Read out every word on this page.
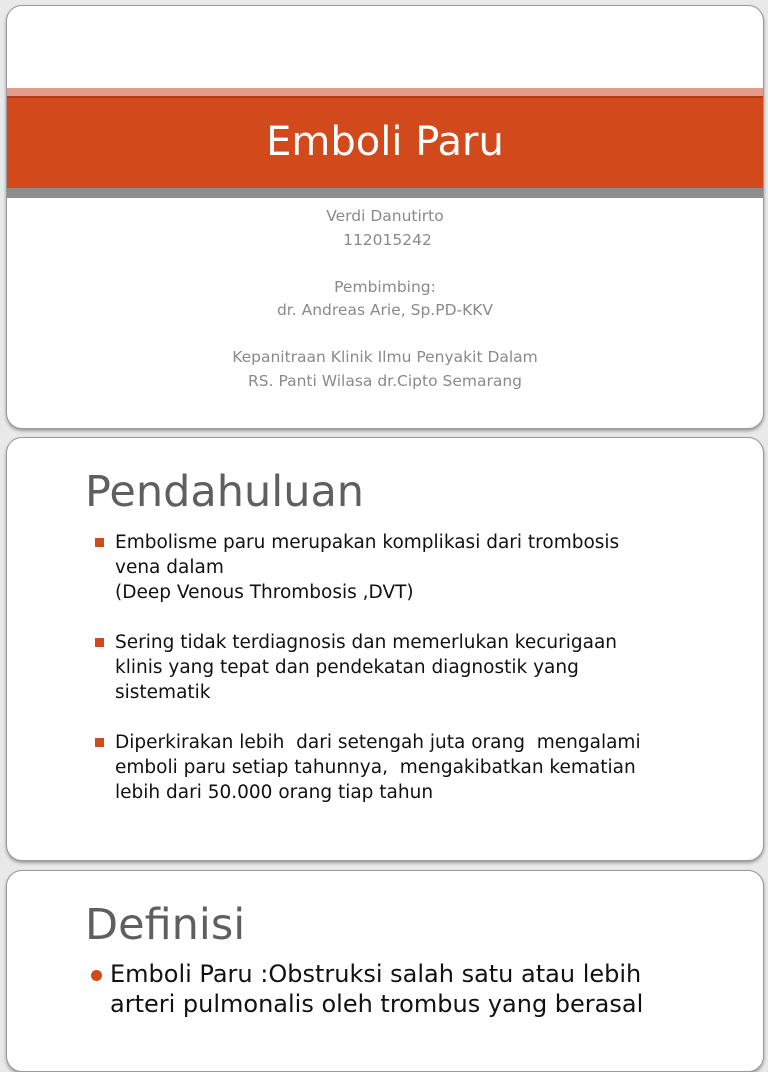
Emboli Paru
Verdi Danutirto
112015242
Pembimbing:
dr. Andreas Arie, Sp.PD-KKV
Kepanitraan Klinik Ilmu Penyakit Dalam
RS. Panti Wilasa dr.Cipto Semarang
Pendahuluan
Embolisme paru merupakan komplikasi dari trombosis
vena dalam
(Deep Venous Thrombosis ,DVT)
Sering tidak terdiagnosis dan memerlukan kecurigaan
klinis yang tepat dan pendekatan diagnostik yang
sistematik
Diperkirakan lebih  dari setengah juta orang  mengalami
emboli paru setiap tahunnya,  mengakibatkan kematian
lebih dari 50.000 orang tiap tahun
Definisi
Emboli Paru :Obstruksi salah satu atau lebih
arteri pulmonalis oleh trombus yang berasal
